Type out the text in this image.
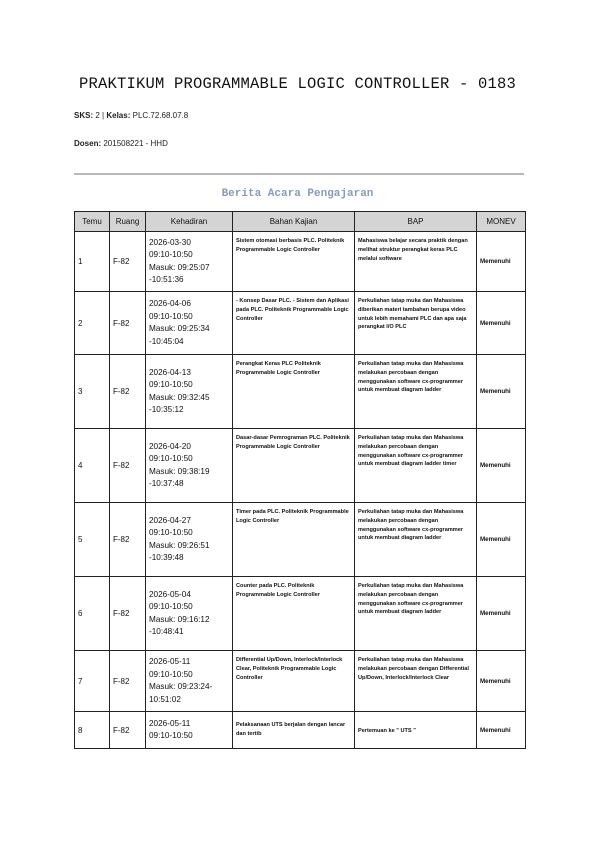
PRAKTIKUM PROGRAMMABLE LOGIC CONTROLLER - 0183
SKS: 2 | Kelas: PLC.72.68.07.8
Dosen: 201508221 - HHD
Berita Acara Pengajaran
Temu	Ruang	Kehadiran	Bahan Kajian	BAP	MONEV
1	F-82	2026-03-30
09:10-10:50
Masuk: 09:25:07
-10:51:36	Sistem otomasi berbasis PLC. Politeknik Programmable Logic Controller	Mahasiswa belajar secara praktik dengan melihat struktur perangkat keras PLC melalui software	Memenuhi
2	F-82	2026-04-06
09:10-10:50
Masuk: 09:25:34
-10:45:04	- Konsep Dasar PLC. - Sistem dan Aplikasi pada PLC. Politeknik Programmable Logic Controller	Perkuliahan tatap muka dan Mahasiswa diberikan materi tambahan berupa video untuk lebih memahami PLC dan apa saja perangkat I/O PLC	Memenuhi
3	F-82	2026-04-13
09:10-10:50
Masuk: 09:32:45
-10:35:12	Perangkat Keras PLC Politeknik Programmable Logic Controller	Perkuliahan tatap muka dan Mahasiswa melakukan percobaan dengan menggunakan software cx-programmer untuk membuat diagram ladder	Memenuhi
4	F-82	2026-04-20
09:10-10:50
Masuk: 09:38:19
-10:37:48	Dasar-dasar Pemrograman PLC. Politeknik Programmable Logic Controller	Perkuliahan tatap muka dan Mahasiswa melakukan percobaan dengan menggunakan software cx-programmer untuk membuat diagram ladder timer	Memenuhi
5	F-82	2026-04-27
09:10-10:50
Masuk: 09:26:51
-10:39:48	Timer pada PLC. Politeknik Programmable Logic Controller	Perkuliahan tatap muka dan Mahasiswa melakukan percobaan dengan menggunakan software cx-programmer untuk membuat diagram ladder	Memenuhi
6	F-82	2026-05-04
09:10-10:50
Masuk: 09:16:12
-10:48:41	Counter pada PLC. Politeknik Programmable Logic Controller	Perkuliahan tatap muka dan Mahasiswa melakukan percobaan dengan menggunakan software cx-programmer untuk membuat diagram ladder	Memenuhi
7	F-82	2026-05-11
09:10-10:50
Masuk: 09:23:24-
10:51:02	Differential Up/Down, Interlock/Interlock Clear, Politeknik Programmable Logic Controller	Perkuliahan tatap muka dan Mahasiswa melakukan percobaan dengan Differential Up/Down, Interlock/Interlock Clear	Memenuhi
8	F-82	2026-05-11
09:10-10:50	Pelaksanaan UTS berjalan dengan lancar dan tertib	Pertemuan ke " UTS "	Memenuhi
